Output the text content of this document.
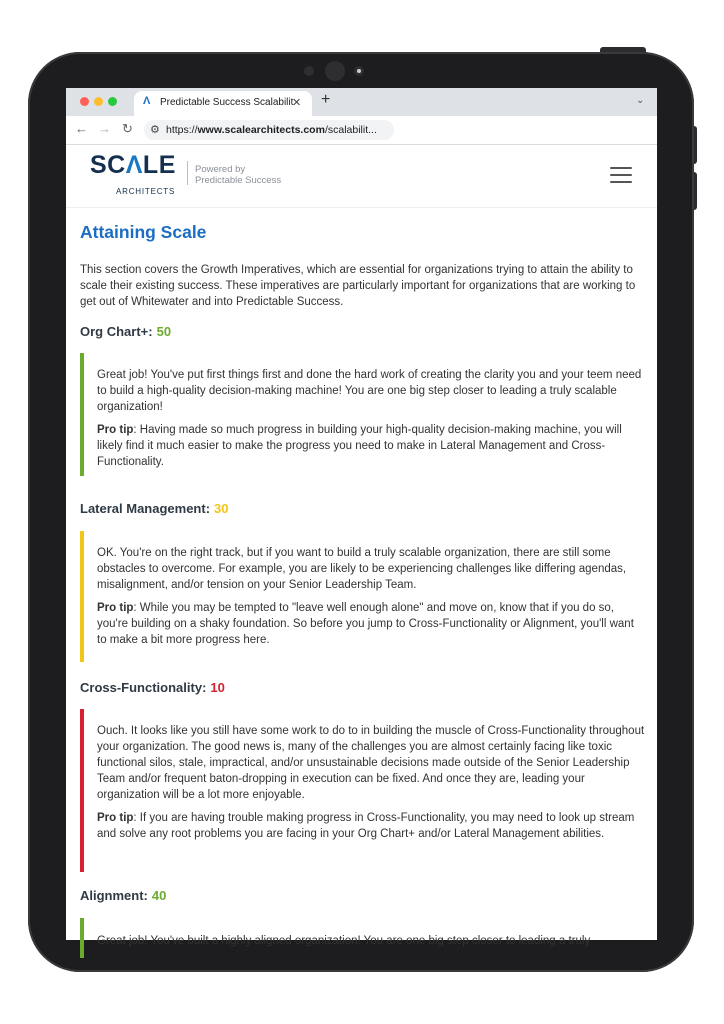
Λ Predictable Success Scalabilit
✕ +	⌄
← → ↻ ⚙ https://www.scalearchitects.com/scalabilit...
SCΛLE
ARCHITECTS
Powered by
Predictable Success
Attaining Scale
This section covers the Growth Imperatives, which are essential for organizations trying to attain the ability to scale their existing success. These imperatives are particularly important for organizations that are working to get out of Whitewater and into Predictable Success.
Org Chart+: 50

Great job! You've put first things first and done the hard work of creating the clarity you and your teem need to build a high-quality decision-making machine! You are one big step closer to leading a truly scalable organization!

Pro tip: Having made so much progress in building your high-quality decision-making machine, you will likely find it much easier to make the progress you need to make in Lateral Management and Cross-Functionality.

Lateral Management: 30

OK. You're on the right track, but if you want to build a truly scalable organization, there are still some obstacles to overcome. For example, you are likely to be experiencing challenges like differing agendas, misalignment, and/or tension on your Senior Leadership Team.

Pro tip: While you may be tempted to "leave well enough alone" and move on, know that if you do so, you're building on a shaky foundation. So before you jump to Cross-Functionality or Alignment, you'll want to make a bit more progress here.

Cross-Functionality: 10

Ouch. It looks like you still have some work to do to in building the muscle of Cross-Functionality throughout your organization. The good news is, many of the challenges you are almost certainly facing like toxic functional silos, stale, impractical, and/or unsustainable decisions made outside of the Senior Leadership Team and/or frequent baton-dropping in execution can be fixed. And once they are, leading your organization will be a lot more enjoyable.

Pro tip: If you are having trouble making progress in Cross-Functionality, you may need to look up stream and solve any root problems you are facing in your Org Chart+ and/or Lateral Management abilities.

Alignment: 40

Great job! You've built a highly aligned organization! You are one big step closer to leading a truly
